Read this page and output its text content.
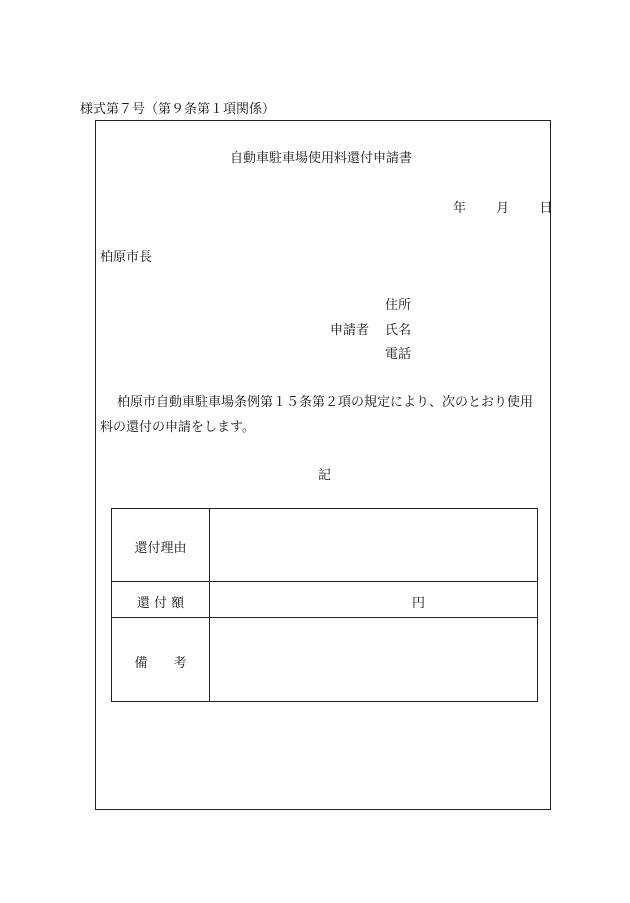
様式第７号（第９条第１項関係）
自動車駐車場使用料還付申請書
年 月 日
柏原市長
住所
申請者 氏名
電話
柏原市自動車駐車場条例第１５条第２項の規定により、次のとおり使用
料の還付の申請をします。
記
還付理由
還 付 額	円
備　　考
